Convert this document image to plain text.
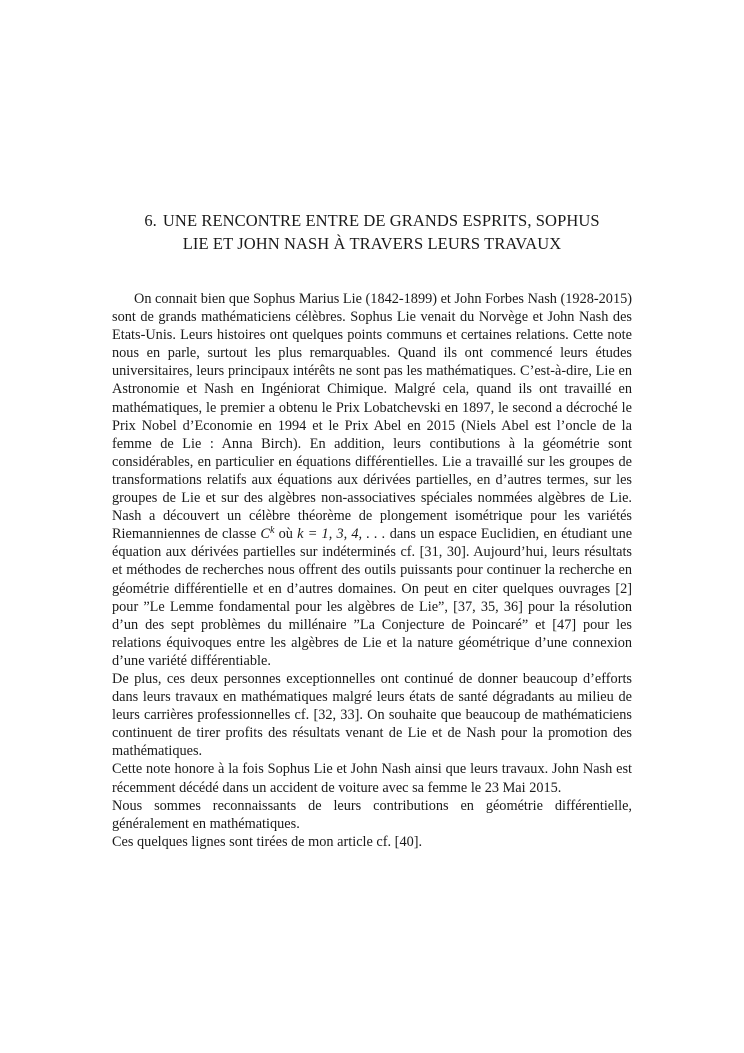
6. UNE RENCONTRE ENTRE DE GRANDS ESPRITS, SOPHUS
LIE ET JOHN NASH À TRAVERS LEURS TRAVAUX

On connait bien que Sophus Marius Lie (1842-1899) et John Forbes Nash (1928-2015) sont de grands mathématiciens célèbres. Sophus Lie venait du Norvège et John Nash des Etats-Unis. Leurs histoires ont quelques points communs et certaines relations. Cette note nous en parle, surtout les plus remarquables. Quand ils ont commencé leurs études universitaires, leurs principaux intérêts ne sont pas les mathématiques. C’est-à-dire, Lie en Astronomie et Nash en Ingéniorat Chimique. Malgré cela, quand ils ont travaillé en mathématiques, le premier a obtenu le Prix Lobatchevski en 1897, le second a décroché le Prix Nobel d’Economie en 1994 et le Prix Abel en 2015 (Niels Abel est l’oncle de la femme de Lie : Anna Birch). En addition, leurs contibutions à la géométrie sont considérables, en particulier en équations différentielles. Lie a travaillé sur les groupes de transformations relatifs aux équations aux dérivées partielles, en d’autres termes, sur les groupes de Lie et sur des algèbres non-associatives spéciales nommées algèbres de Lie. Nash a découvert un célèbre théorème de plongement isométrique pour les variétés Riemanniennes de classe $C^k$ où k = 1, 3, 4, . . . dans un espace Euclidien, en étudiant une équation aux dérivées partielles sur indéterminés cf. [31, 30]. Aujourd’hui, leurs résultats et méthodes de recherches nous offrent des outils puissants pour continuer la recherche en géométrie différentielle et en d’autres domaines. On peut en citer quelques ouvrages [2] pour ”Le Lemme fondamental pour les algèbres de Lie”, [37, 35, 36] pour la résolution d’un des sept problèmes du millénaire ”La Conjecture de Poincaré” et [47] pour les relations équivoques entre les algèbres de Lie et la nature géométrique d’une connexion d’une variété différentiable.

De plus, ces deux personnes exceptionnelles ont continué de donner beaucoup d’efforts dans leurs travaux en mathématiques malgré leurs états de santé dégradants au milieu de leurs carrières professionnelles cf. [32, 33]. On souhaite que beaucoup de mathématiciens continuent de tirer profits des résultats venant de Lie et de Nash pour la promotion des mathématiques.

Cette note honore à la fois Sophus Lie et John Nash ainsi que leurs travaux. John Nash est récemment décédé dans un accident de voiture avec sa femme le 23 Mai 2015.

Nous sommes reconnaissants de leurs contributions en géométrie différentielle, généralement en mathématiques.

Ces quelques lignes sont tirées de mon article cf. [40].
